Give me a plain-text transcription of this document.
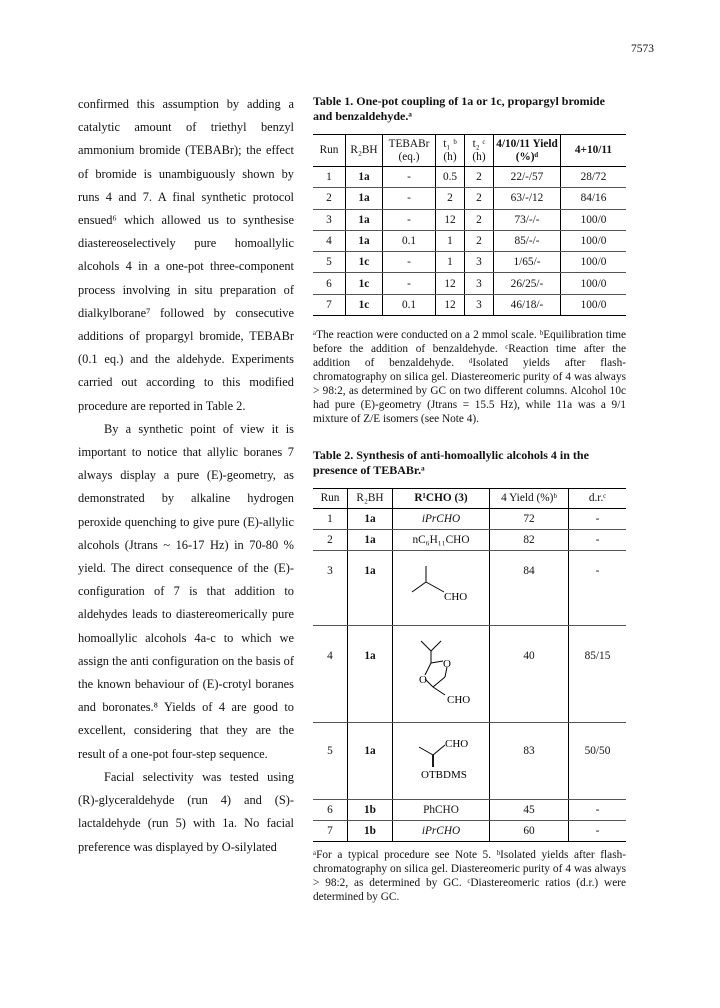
7573

confirmed this assumption by adding a catalytic amount of triethyl benzyl ammonium bromide (TEBABr); the effect of bromide is unambiguously shown by runs 4 and 7. A final synthetic protocol ensued⁶ which allowed us to synthesise diastereoselectively pure homoallylic alcohols 4 in a one-pot three-component process involving in situ preparation of dialkylborane⁷ followed by consecutive additions of propargyl bromide, TEBABr (0.1 eq.) and the aldehyde. Experiments carried out according to this modified procedure are reported in Table 2.

By a synthetic point of view it is important to notice that allylic boranes 7 always display a pure (E)-geometry, as demonstrated by alkaline hydrogen peroxide quenching to give pure (E)-allylic alcohols (Jtrans ~ 16-17 Hz) in 70-80 % yield. The direct consequence of the (E)-configuration of 7 is that addition to aldehydes leads to diastereomerically pure homoallylic alcohols 4a-c to which we assign the anti configuration on the basis of the known behaviour of (E)-crotyl boranes and boronates.⁸ Yields of 4 are good to excellent, considering that they are the result of a one-pot four-step sequence.

Facial selectivity was tested using (R)-glyceraldehyde (run 4) and (S)-lactaldehyde (run 5) with 1a. No facial preference was displayed by O-silylated

Table 1. One-pot coupling of 1a or 1c, propargyl bromide and benzaldehyde.ᵃ
Run	R₂BH	TEBABr (eq.)	t₁ ᵇ (h)	t₂ ᶜ (h)	4/10/11 Yield (%)ᵈ	4+10/11
1	1a	-	0.5	2	22/-/57	28/72
2	1a	-	2	2	63/-/12	84/16
3	1a	-	12	2	73/-/-	100/0
4	1a	0.1	1	2	85/-/-	100/0
5	1c	-	1	3	1/65/-	100/0
6	1c	-	12	3	26/25/-	100/0
7	1c	0.1	12	3	46/18/-	100/0

ᵃThe reaction were conducted on a 2 mmol scale. ᵇEquilibration time before the addition of benzaldehyde. ᶜReaction time after the addition of benzaldehyde. ᵈIsolated yields after flash-chromatography on silica gel. Diastereomeric purity of 4 was always > 98:2, as determined by GC on two different columns. Alcohol 10c had pure (E)-geometry (Jtrans = 15.5 Hz), while 11a was a 9/1 mixture of Z/E isomers (see Note 4).

Table 2. Synthesis of anti-homoallylic alcohols 4 in the presence of TEBABr.ᵃ
Run	R₂BH	R¹CHO (3)	4 Yield (%)ᵇ	d.r.ᶜ
1	1a	iPrCHO	72	-
2	1a	nC₆H₁₁CHO	82	-
3	1a	CHO	84	-
4	1a	O
O
CHO	40	85/15
5	1a	CHO
OTBDMS	83	50/50
6	1b	PhCHO	45	-
7	1b	iPrCHO	60	-

ᵃFor a typical procedure see Note 5. ᵇIsolated yields after flash-chromatography on silica gel. Diastereomeric purity of 4 was always > 98:2, as determined by GC. ᶜDiastereomeric ratios (d.r.) were determined by GC.
